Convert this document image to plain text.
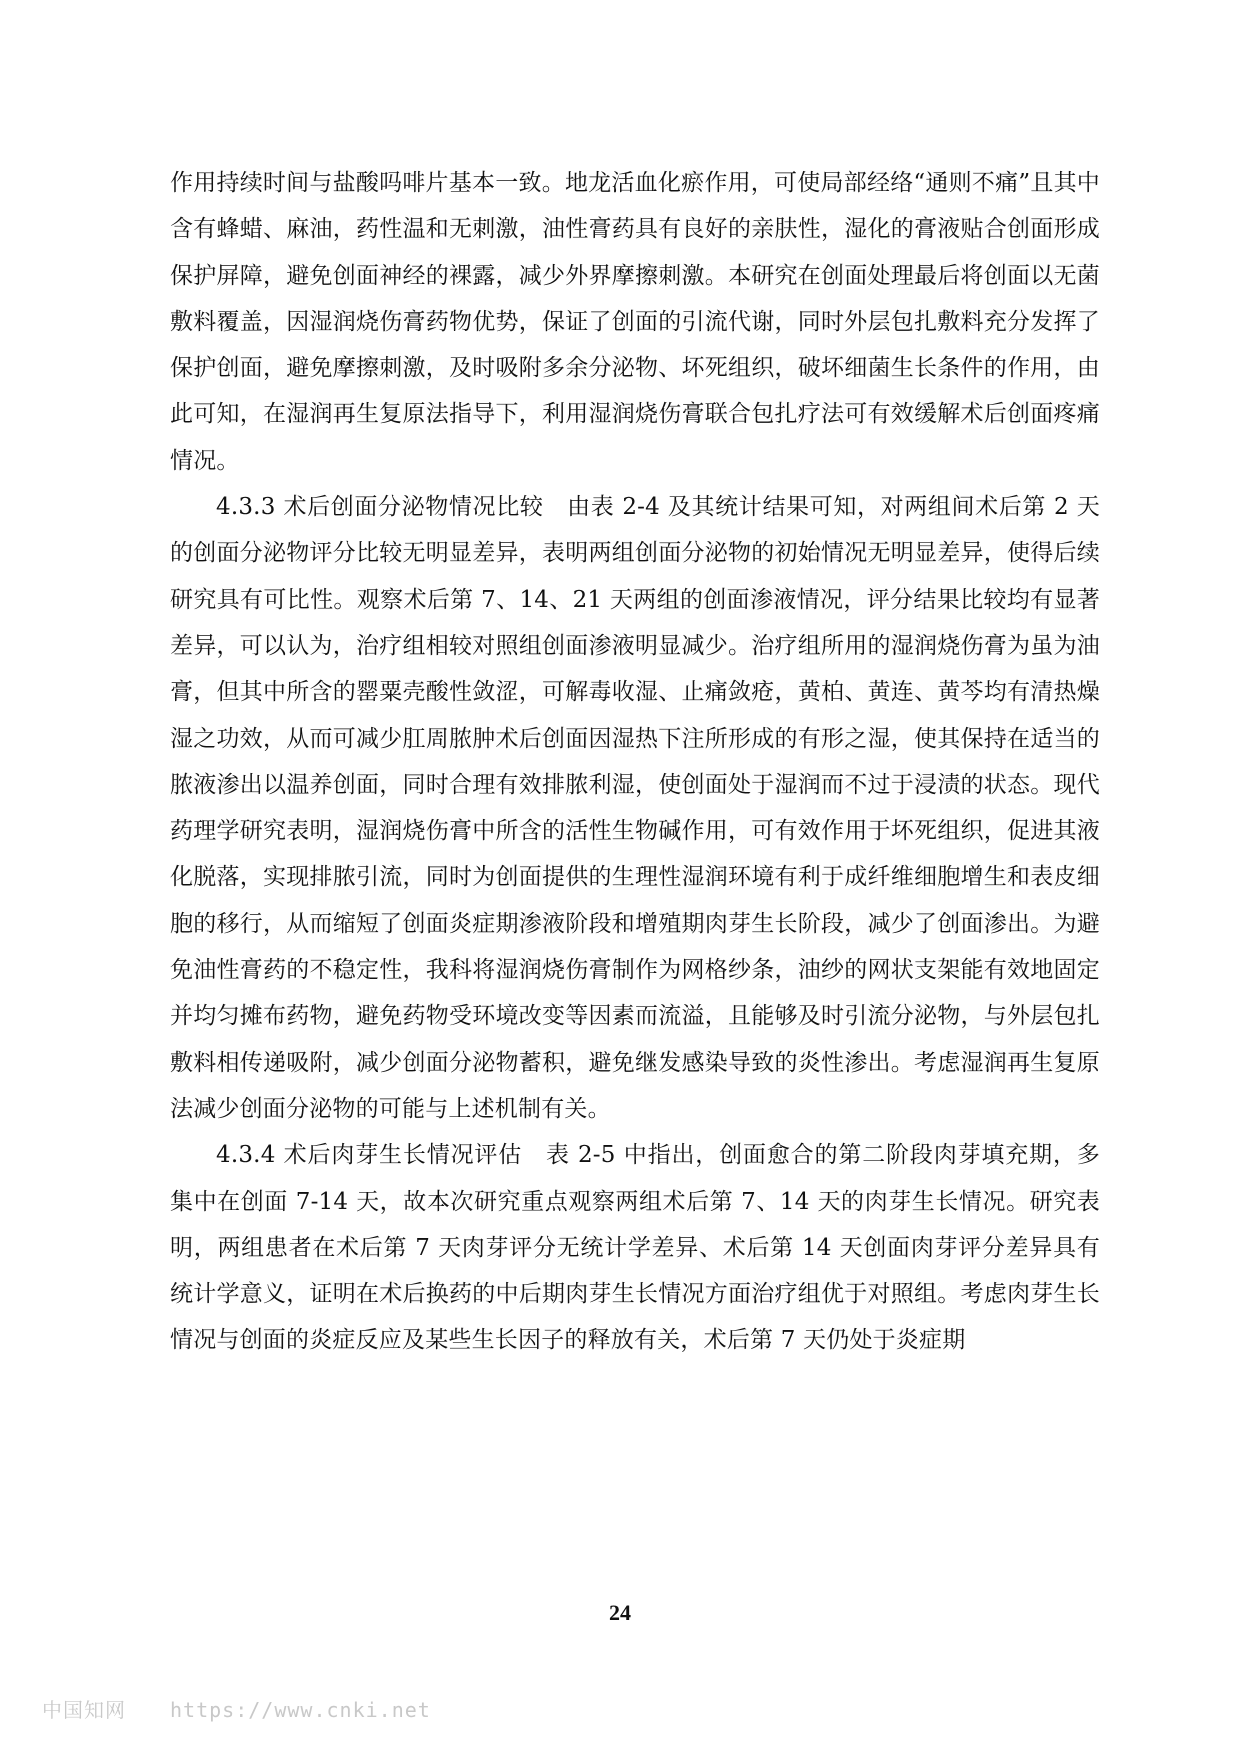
作用持续时间与盐酸吗啡片基本一致。地龙活血化瘀作用，可使局部经络“通则不痛”且其中含有蜂蜡、麻油，药性温和无刺激，油性膏药具有良好的亲肤性，湿化的膏液贴合创面形成保护屏障，避免创面神经的裸露，减少外界摩擦刺激。本研究在创面处理最后将创面以无菌敷料覆盖，因湿润烧伤膏药物优势，保证了创面的引流代谢，同时外层包扎敷料充分发挥了保护创面，避免摩擦刺激，及时吸附多余分泌物、坏死组织，破坏细菌生长条件的作用，由此可知，在湿润再生复原法指导下，利用湿润烧伤膏联合包扎疗法可有效缓解术后创面疼痛情况。

4.3.3 术后创面分泌物情况比较　由表 2-4 及其统计结果可知，对两组间术后第 2 天的创面分泌物评分比较无明显差异，表明两组创面分泌物的初始情况无明显差异，使得后续研究具有可比性。观察术后第 7、14、21 天两组的创面渗液情况，评分结果比较均有显著差异，可以认为，治疗组相较对照组创面渗液明显减少。治疗组所用的湿润烧伤膏为虽为油膏，但其中所含的罂粟壳酸性敛涩，可解毒收湿、止痛敛疮，黄柏、黄连、黄芩均有清热燥湿之功效，从而可减少肛周脓肿术后创面因湿热下注所形成的有形之湿，使其保持在适当的脓液渗出以温养创面，同时合理有效排脓利湿，使创面处于湿润而不过于浸渍的状态。现代药理学研究表明，湿润烧伤膏中所含的活性生物碱作用，可有效作用于坏死组织，促进其液化脱落，实现排脓引流，同时为创面提供的生理性湿润环境有利于成纤维细胞增生和表皮细胞的移行，从而缩短了创面炎症期渗液阶段和增殖期肉芽生长阶段，减少了创面渗出。为避免油性膏药的不稳定性，我科将湿润烧伤膏制作为网格纱条，油纱的网状支架能有效地固定并均匀摊布药物，避免药物受环境改变等因素而流溢，且能够及时引流分泌物，与外层包扎敷料相传递吸附，减少创面分泌物蓄积，避免继发感染导致的炎性渗出。考虑湿润再生复原法减少创面分泌物的可能与上述机制有关。

4.3.4 术后肉芽生长情况评估　表 2-5 中指出，创面愈合的第二阶段肉芽填充期，多集中在创面 7-14 天，故本次研究重点观察两组术后第 7、14 天的肉芽生长情况。研究表明，两组患者在术后第 7 天肉芽评分无统计学差异、术后第 14 天创面肉芽评分差异具有统计学意义，证明在术后换药的中后期肉芽生长情况方面治疗组优于对照组。考虑肉芽生长情况与创面的炎症反应及某些生长因子的释放有关，术后第 7 天仍处于炎症期

24
中国知网 https://www.cnki.net
